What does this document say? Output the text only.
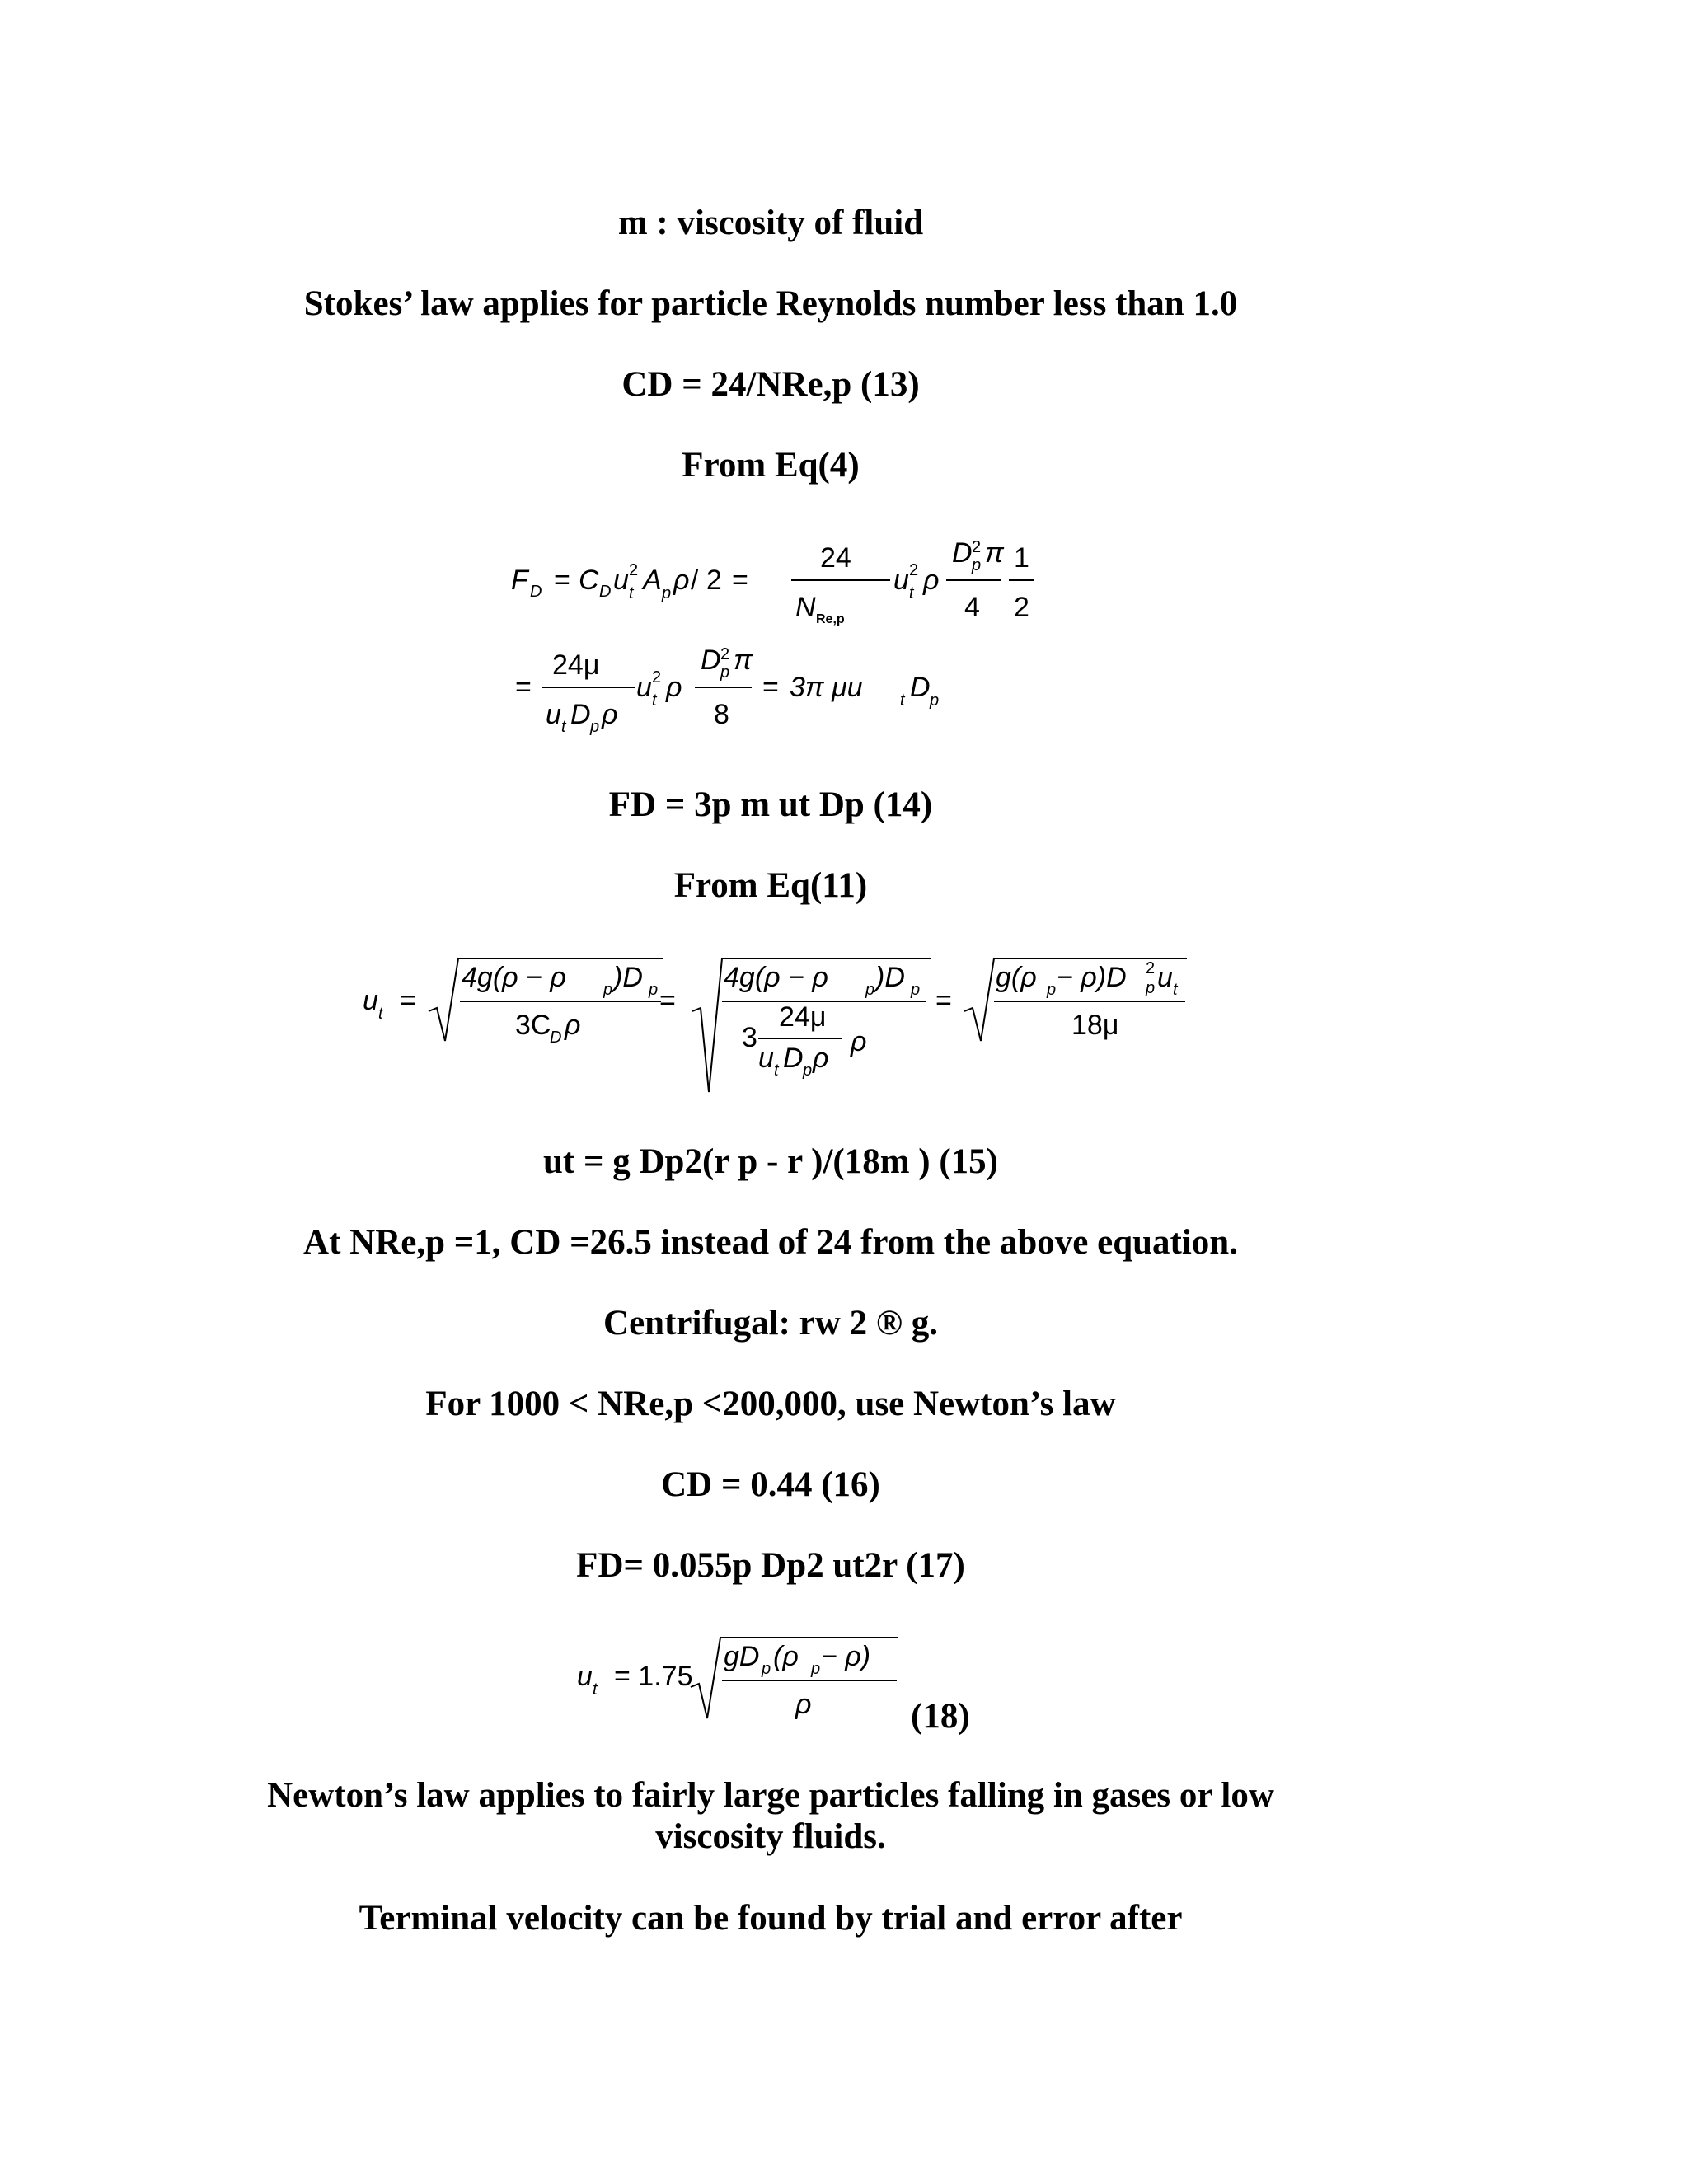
m : viscosity of fluid
Stokes’ law applies for particle Reynolds number less than 1.0
CD = 24/NRe,p (13)
From Eq(4)
F D = C D u t
2 A p ρ / 2 =
24
N Re,p
u t
2 ρ
D 2
p π
4
1
2
=
24μ
u t D p ρ
u t
2 ρ
D 2
p π
8
= 3π μu t D p
FD = 3p m ut Dp (14)
From Eq(11)
u t =
4g(ρ − ρ p )D p
3C
D ρ
=
4g(ρ − ρ p )D p
3
24μ
u t D p ρ
ρ
=
g(ρ p − ρ)D 2
p u t
18μ
ut = g Dp2(r p - r )/(18m ) (15)
At NRe,p =1, CD =26.5 instead of 24 from the above equation.
Centrifugal: rw 2 ® g.
For 1000 < NRe,p <200,000, use Newton’s law
CD = 0.44 (16)
FD= 0.055p Dp2 ut2r (17)
u t = 1.75
gD p (ρ p − ρ)
ρ	(18)
Newton’s law applies to fairly large particles falling in gases or low
viscosity fluids.
Terminal velocity can be found by trial and error after
